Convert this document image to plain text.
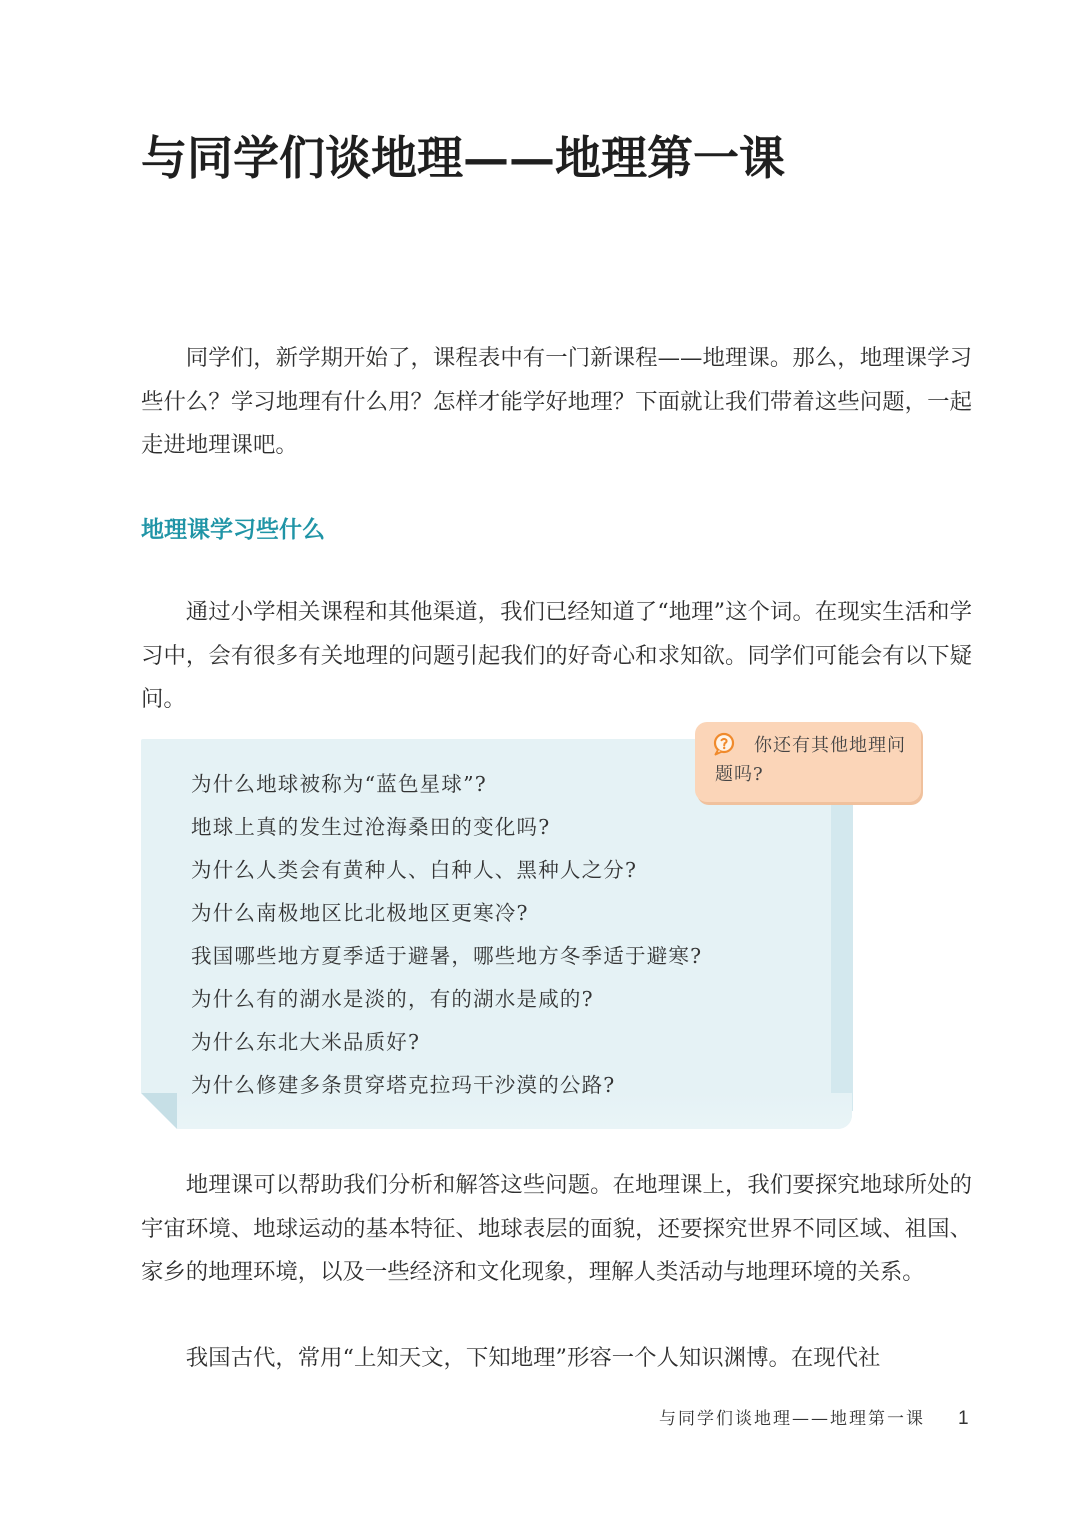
与同学们谈地理——地理第一课

同学们，新学期开始了，课程表中有一门新课程——地理课。那么，地理课学习些什么？学习地理有什么用？怎样才能学好地理？下面就让我们带着这些问题，一起走进地理课吧。

地理课学习些什么

通过小学相关课程和其他渠道，我们已经知道了“地理”这个词。在现实生活和学习中，会有很多有关地理的问题引起我们的好奇心和求知欲。同学们可能会有以下疑问。

为什么地球被称为“蓝色星球”?
地球上真的发生过沧海桑田的变化吗?
为什么人类会有黄种人、白种人、黑种人之分?
为什么南极地区比北极地区更寒冷?
我国哪些地方夏季适于避暑，哪些地方冬季适于避寒?
为什么有的湖水是淡的，有的湖水是咸的?
为什么东北大米品质好?
为什么修建多条贯穿塔克拉玛干沙漠的公路?

你还有其他地理问题吗?

地理课可以帮助我们分析和解答这些问题。在地理课上，我们要探究地球所处的宇宙环境、地球运动的基本特征、地球表层的面貌，还要探究世界不同区域、祖国、家乡的地理环境，以及一些经济和文化现象，理解人类活动与地理环境的关系。

我国古代，常用“上知天文，下知地理”形容一个人知识渊博。在现代社

与同学们谈地理——地理第一课 1
